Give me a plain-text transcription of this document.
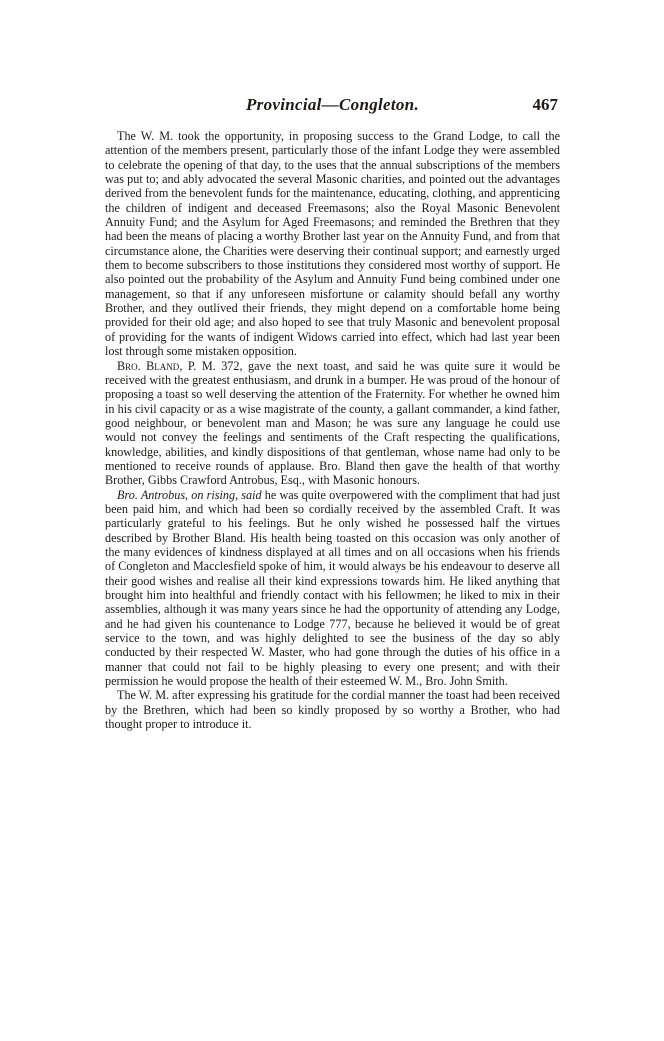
Provincial—Congleton.	467

The W. M. took the opportunity, in proposing success to the Grand Lodge, to call the attention of the members present, particularly those of the infant Lodge they were assembled to celebrate the opening of that day, to the uses that the annual subscriptions of the members was put to; and ably advocated the several Masonic charities, and pointed out the advantages derived from the benevolent funds for the maintenance, educating, clothing, and apprenticing the children of indigent and deceased Freemasons; also the Royal Masonic Benevolent Annuity Fund; and the Asylum for Aged Freemasons; and reminded the Brethren that they had been the means of placing a worthy Brother last year on the Annuity Fund, and from that circumstance alone, the Charities were deserving their continual support; and earnestly urged them to become subscribers to those institutions they considered most worthy of support. He also pointed out the probability of the Asylum and Annuity Fund being combined under one management, so that if any unforeseen misfortune or calamity should befall any worthy Brother, and they outlived their friends, they might depend on a comfortable home being provided for their old age; and also hoped to see that truly Masonic and benevolent proposal of providing for the wants of indigent Widows carried into effect, which had last year been lost through some mistaken opposition.

Bro. Bland, P. M. 372, gave the next toast, and said he was quite sure it would be received with the greatest enthusiasm, and drunk in a bumper. He was proud of the honour of proposing a toast so well deserving the attention of the Fraternity. For whether he owned him in his civil capacity or as a wise magistrate of the county, a gallant commander, a kind father, good neighbour, or benevolent man and Mason; he was sure any language he could use would not convey the feelings and sentiments of the Craft respecting the qualifications, knowledge, abilities, and kindly dispositions of that gentleman, whose name had only to be mentioned to receive rounds of applause. Bro. Bland then gave the health of that worthy Brother, Gibbs Crawford Antrobus, Esq., with Masonic honours.

Bro. Antrobus, on rising, said he was quite overpowered with the compliment that had just been paid him, and which had been so cordially received by the assembled Craft. It was particularly grateful to his feelings. But he only wished he possessed half the virtues described by Brother Bland. His health being toasted on this occasion was only another of the many evidences of kindness displayed at all times and on all occasions when his friends of Congleton and Macclesfield spoke of him, it would always be his endeavour to deserve all their good wishes and realise all their kind expressions towards him. He liked anything that brought him into healthful and friendly contact with his fellowmen; he liked to mix in their assemblies, although it was many years since he had the opportunity of attending any Lodge, and he had given his countenance to Lodge 777, because he believed it would be of great service to the town, and was highly delighted to see the business of the day so ably conducted by their respected W. Master, who had gone through the duties of his office in a manner that could not fail to be highly pleasing to every one present; and with their permission he would propose the health of their esteemed W. M., Bro. John Smith.

The W. M. after expressing his gratitude for the cordial manner the toast had been received by the Brethren, which had been so kindly proposed by so worthy a Brother, who had thought proper to introduce it.
